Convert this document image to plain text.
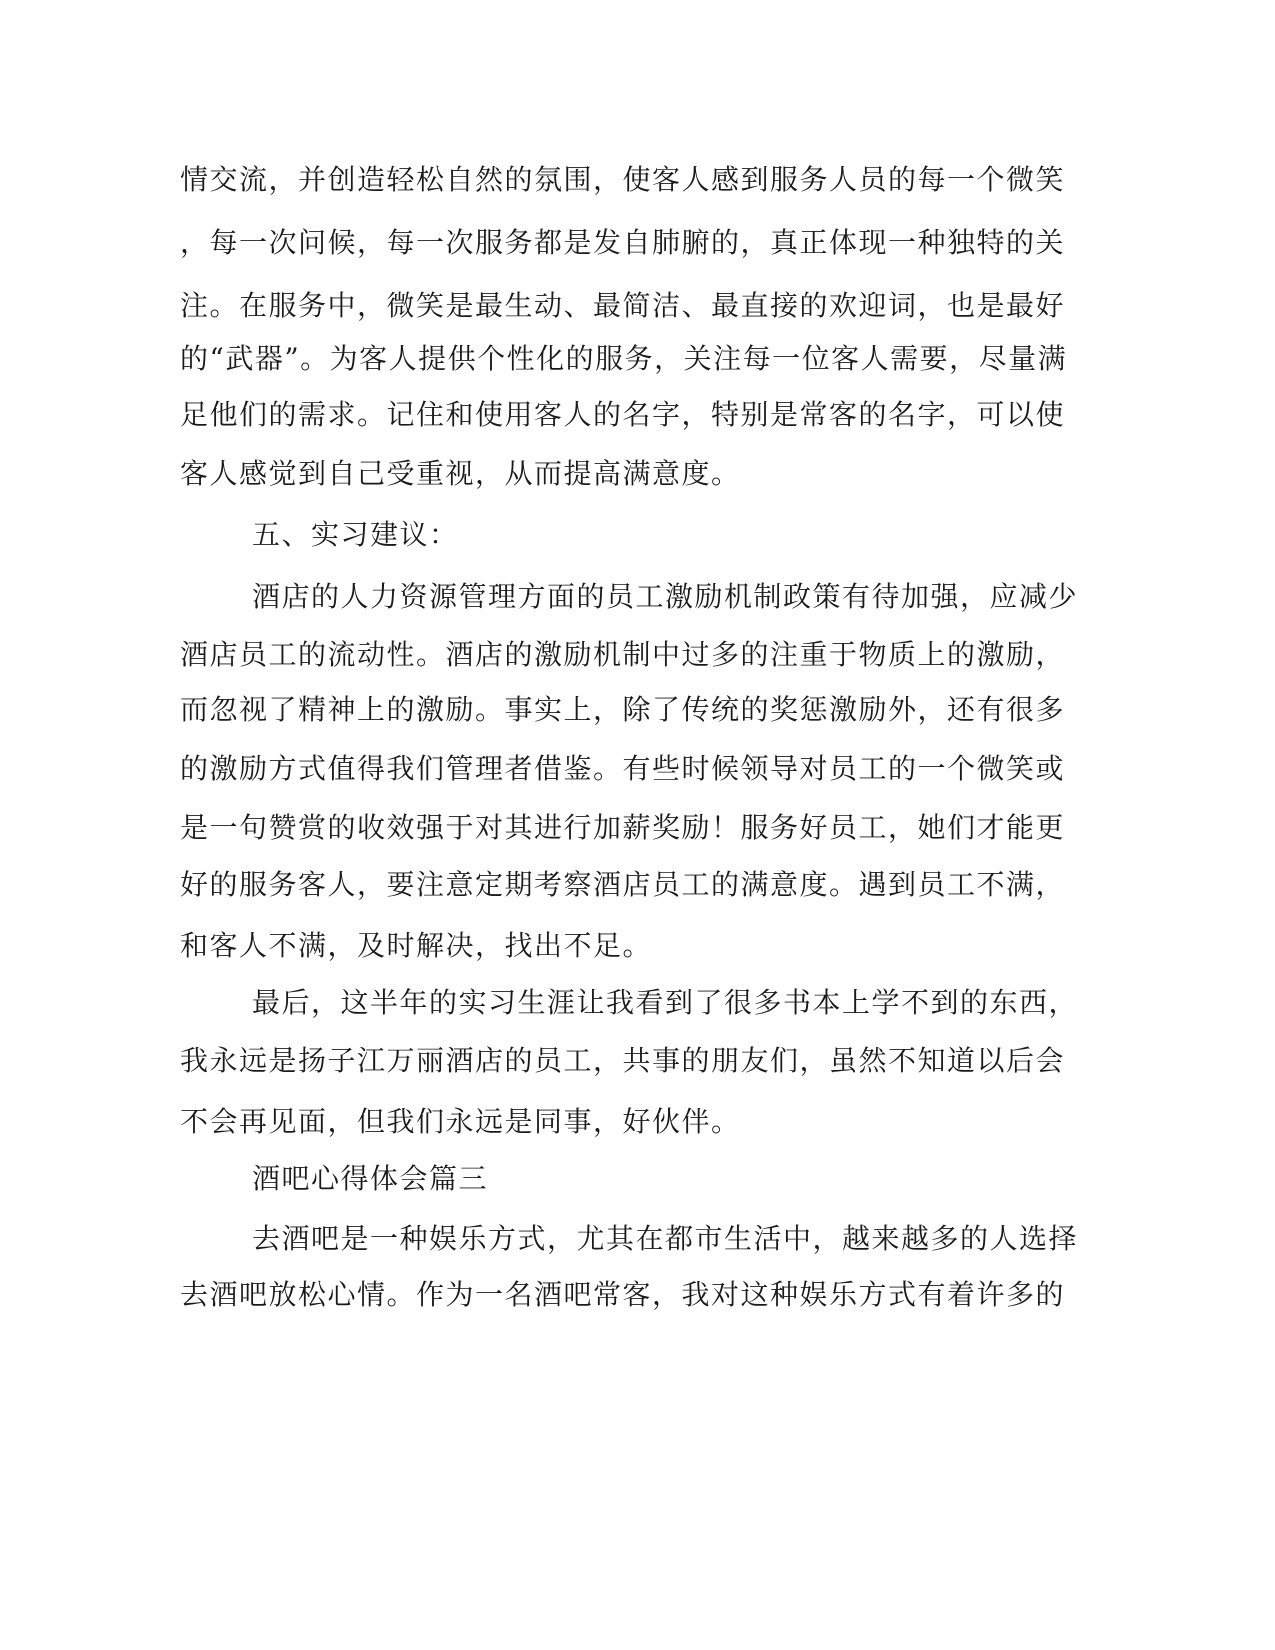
情交流，并创造轻松自然的氛围，使客人感到服务人员的每一个微笑
，每一次问候，每一次服务都是发自肺腑的，真正体现一种独特的关
注。在服务中，微笑是最生动、最简洁、最直接的欢迎词，也是最好
的“武器”。为客人提供个性化的服务，关注每一位客人需要，尽量满
足他们的需求。记住和使用客人的名字，特别是常客的名字，可以使
客人感觉到自己受重视，从而提高满意度。
五、实习建议：
酒店的人力资源管理方面的员工激励机制政策有待加强，应减少
酒店员工的流动性。酒店的激励机制中过多的注重于物质上的激励，
而忽视了精神上的激励。事实上，除了传统的奖惩激励外，还有很多
的激励方式值得我们管理者借鉴。有些时候领导对员工的一个微笑或
是一句赞赏的收效强于对其进行加薪奖励！服务好员工，她们才能更
好的服务客人，要注意定期考察酒店员工的满意度。遇到员工不满，
和客人不满，及时解决，找出不足。
最后，这半年的实习生涯让我看到了很多书本上学不到的东西，
我永远是扬子江万丽酒店的员工，共事的朋友们，虽然不知道以后会
不会再见面，但我们永远是同事，好伙伴。
酒吧心得体会篇三
去酒吧是一种娱乐方式，尤其在都市生活中，越来越多的人选择
去酒吧放松心情。作为一名酒吧常客，我对这种娱乐方式有着许多的
